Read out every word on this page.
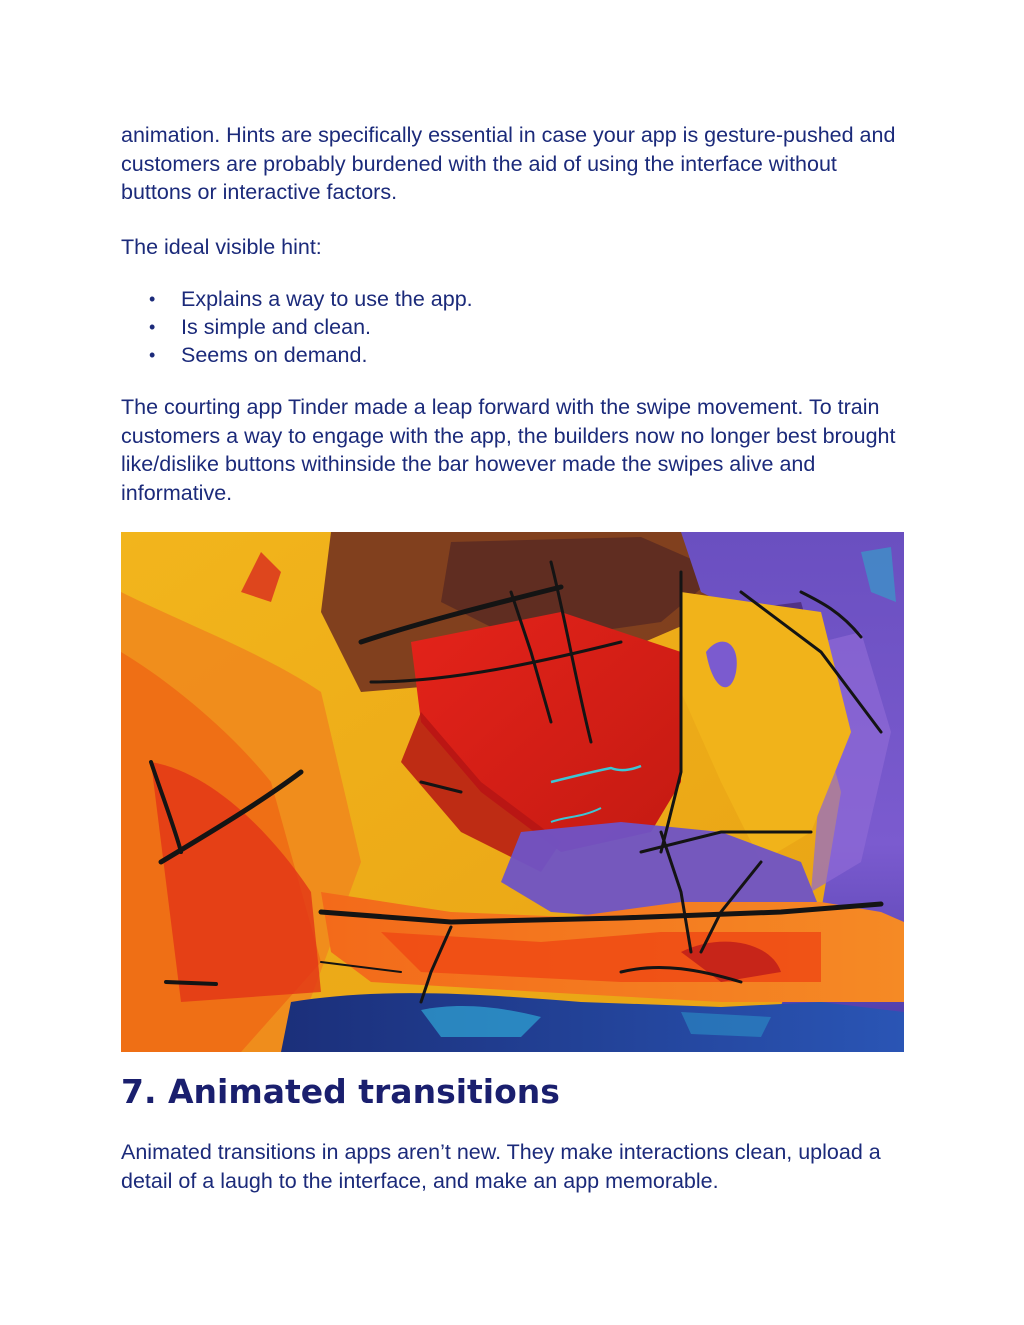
animation. Hints are specifically essential in case your app is gesture-pushed and customers are probably burdened with the aid of using the interface without buttons or interactive factors.

The ideal visible hint:

• Explains a way to use the app.
• Is simple and clean.
• Seems on demand.

The courting app Tinder made a leap forward with the swipe movement. To train customers a way to engage with the app, the builders now no longer best brought like/dislike buttons withinside the bar however made the swipes alive and informative.

7. Animated transitions

Animated transitions in apps aren’t new. They make interactions clean, upload a detail of a laugh to the interface, and make an app memorable.
